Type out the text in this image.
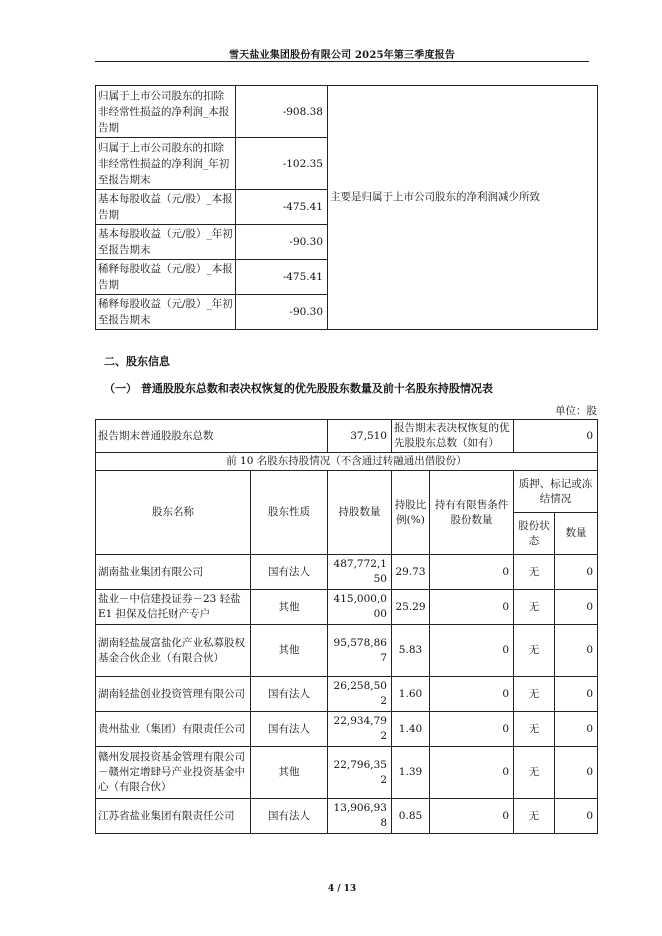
雪天盐业集团股份有限公司 2025年第三季度报告
归属于上市公司股东的扣除非经常性损益的净利润_本报告期	-908.38	主要是归属于上市公司股东的净利润减少所致

归属于上市公司股东的扣除非经常性损益的净利润_年初至报告期末	-102.35	
基本每股收益（元/股）_本报告期	-475.41	
基本每股收益（元/股）_年初至报告期末	-90.30	
稀释每股收益（元/股）_本报告期	-475.41	
稀释每股收益（元/股）_年初至报告期末	-90.30	
二、股东信息
（一） 普通股股东总数和表决权恢复的优先股股东数量及前十名股东持股情况表
单位：股
报告期末普通股股东总数		37,510	报告期末表决权恢复的优先股股东总数（如有）		0	
前 10 名股东持股情况（不含通过转融通出借股份）						
股东名称	股东性质	持股数量	持股比例(%)	持有有限售条件股份数量	质押、标记或冻结情况	
					股份状态	数量
湖南盐业集团有限公司	国有法人	487,772,150	29.73	0	无	0
盐业－中信建投证券－23 轻盐 E1 担保及信托财产专户	其他	415,000,000	25.29	0	无	0
湖南轻盐晟富盐化产业私募股权基金合伙企业（有限合伙）	其他	95,578,867	5.83	0	无	0
湖南轻盐创业投资管理有限公司	国有法人	26,258,502	1.60	0	无	0
贵州盐业（集团）有限责任公司	国有法人	22,934,792	1.40	0	无	0
赣州发展投资基金管理有限公司－赣州定增肆号产业投资基金中心（有限合伙）	其他	22,796,352	1.39	0	无	0
江苏省盐业集团有限责任公司	国有法人	13,906,938	0.85	0	无	0
4 / 13
